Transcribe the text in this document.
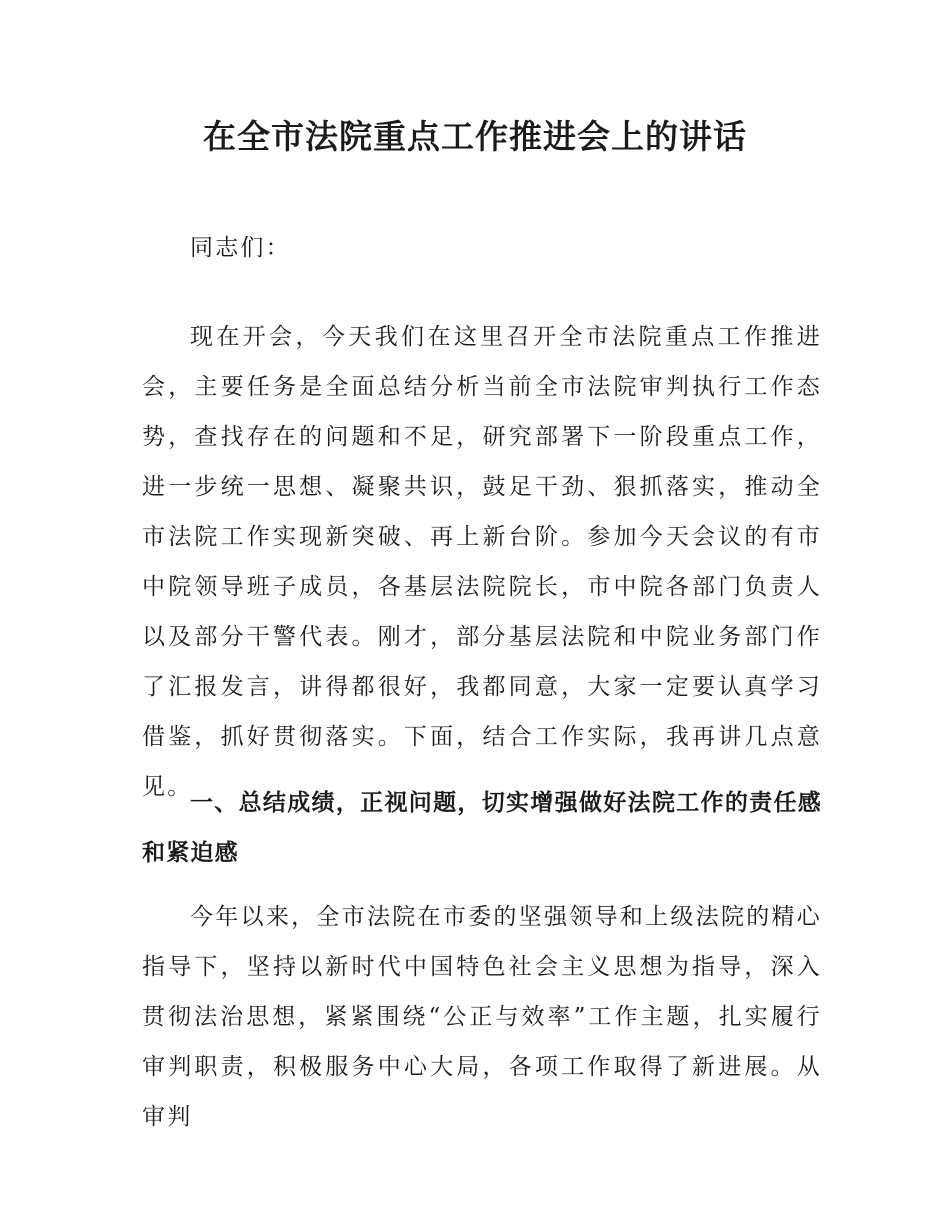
在全市法院重点工作推进会上的讲话

同志们：

现在开会，今天我们在这里召开全市法院重点工作推进会，主要任务是全面总结分析当前全市法院审判执行工作态势，查找存在的问题和不足，研究部署下一阶段重点工作，进一步统一思想、凝聚共识，鼓足干劲、狠抓落实，推动全市法院工作实现新突破、再上新台阶。参加今天会议的有市中院领导班子成员，各基层法院院长，市中院各部门负责人以及部分干警代表。刚才，部分基层法院和中院业务部门作了汇报发言，讲得都很好，我都同意，大家一定要认真学习借鉴，抓好贯彻落实。下面，结合工作实际，我再讲几点意见。

一、总结成绩，正视问题，切实增强做好法院工作的责任感和紧迫感

今年以来，全市法院在市委的坚强领导和上级法院的精心指导下，坚持以新时代中国特色社会主义思想为指导，深入贯彻法治思想，紧紧围绕“公正与效率”工作主题，扎实履行审判职责，积极服务中心大局，各项工作取得了新进展。从审判
